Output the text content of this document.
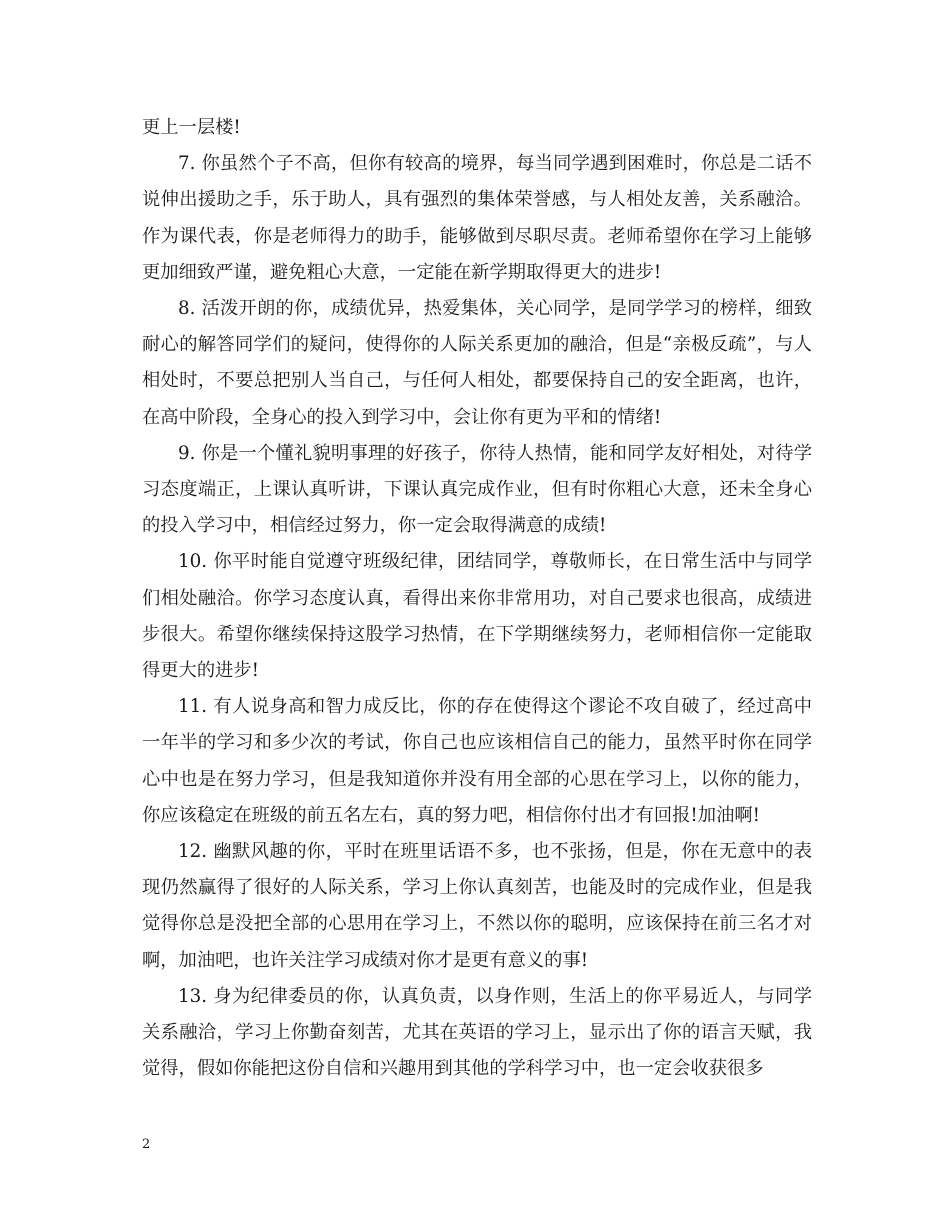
更上一层楼!

7. 你虽然个子不高，但你有较高的境界，每当同学遇到困难时，你总是二话不说伸出援助之手，乐于助人，具有强烈的集体荣誉感，与人相处友善，关系融洽。作为课代表，你是老师得力的助手，能够做到尽职尽责。老师希望你在学习上能够更加细致严谨，避免粗心大意，一定能在新学期取得更大的进步!

8. 活泼开朗的你，成绩优异，热爱集体，关心同学，是同学学习的榜样，细致耐心的解答同学们的疑问，使得你的人际关系更加的融洽，但是“亲极反疏”，与人相处时，不要总把别人当自己，与任何人相处，都要保持自己的安全距离，也许，在高中阶段，全身心的投入到学习中，会让你有更为平和的情绪!

9. 你是一个懂礼貌明事理的好孩子，你待人热情，能和同学友好相处，对待学习态度端正，上课认真听讲，下课认真完成作业，但有时你粗心大意，还未全身心的投入学习中，相信经过努力，你一定会取得满意的成绩!

10. 你平时能自觉遵守班级纪律，团结同学，尊敬师长，在日常生活中与同学们相处融洽。你学习态度认真，看得出来你非常用功，对自己要求也很高，成绩进步很大。希望你继续保持这股学习热情，在下学期继续努力，老师相信你一定能取得更大的进步!

11. 有人说身高和智力成反比，你的存在使得这个谬论不攻自破了，经过高中一年半的学习和多少次的考试，你自己也应该相信自己的能力，虽然平时你在同学心中也是在努力学习，但是我知道你并没有用全部的心思在学习上，以你的能力，你应该稳定在班级的前五名左右，真的努力吧，相信你付出才有回报!加油啊!

12. 幽默风趣的你，平时在班里话语不多，也不张扬，但是，你在无意中的表现仍然赢得了很好的人际关系，学习上你认真刻苦，也能及时的完成作业，但是我觉得你总是没把全部的心思用在学习上，不然以你的聪明，应该保持在前三名才对啊，加油吧，也许关注学习成绩对你才是更有意义的事!

13. 身为纪律委员的你，认真负责，以身作则，生活上的你平易近人，与同学关系融洽，学习上你勤奋刻苦，尤其在英语的学习上，显示出了你的语言天赋，我觉得，假如你能把这份自信和兴趣用到其他的学科学习中，也一定会收获很多

2
